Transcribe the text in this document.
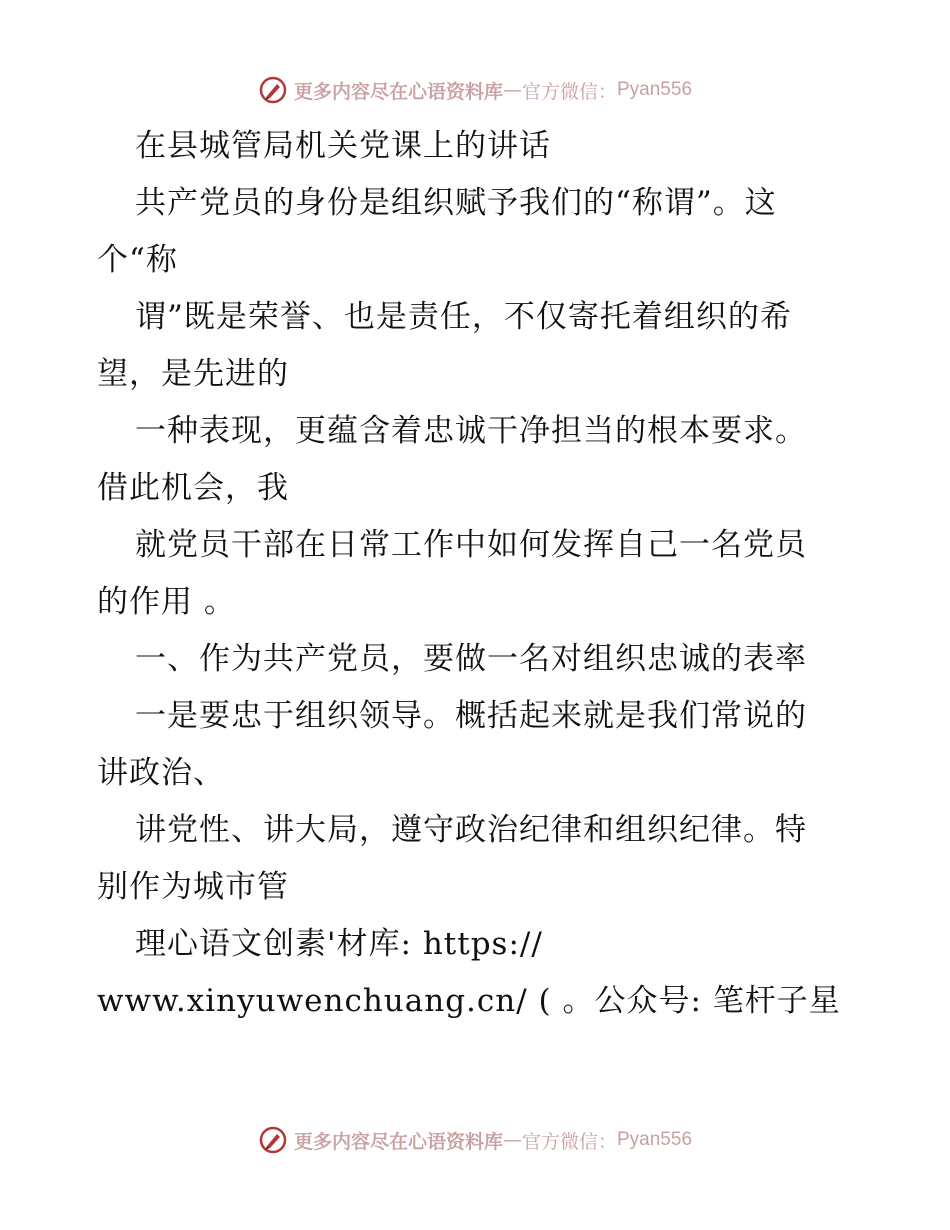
更多内容尽在心语资料库 — 官方微信： Pyan556
在县城管局机关党课上的讲话
共产党员的身份是组织赋予我们的“称谓”。这
个“称
谓”既是荣誉、也是责任，不仅寄托着组织的希
望，是先进的
一种表现，更蕴含着忠诚干净担当的根本要求。
借此机会，我
就党员干部在日常工作中如何发挥自己一名党员
的作用 。
一、作为共产党员，要做一名对组织忠诚的表率
一是要忠于组织领导。概括起来就是我们常说的
讲政治、
讲党性、讲大局，遵守政治纪律和组织纪律。特
别作为城市管
理心语文创素'材库: https://
www.xinyuwenchuang.cn/ ( 。公众号: 笔杆子星
更多内容尽在心语资料库 — 官方微信： Pyan556
